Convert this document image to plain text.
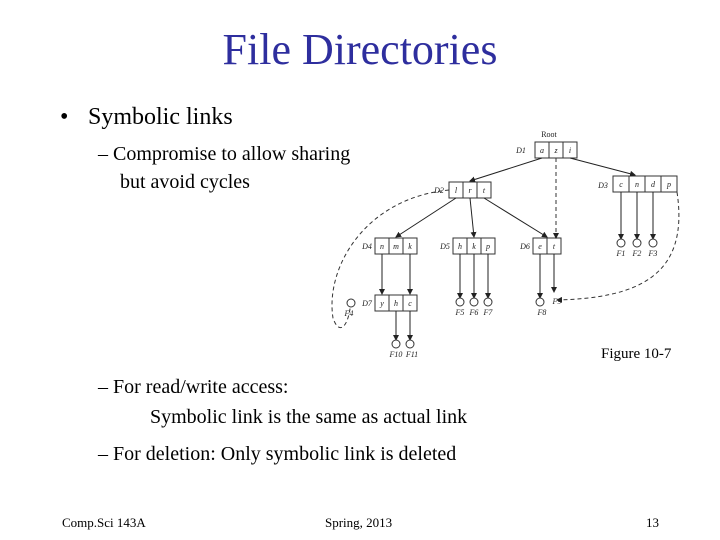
File Directories
• Symbolic links
– Compromise to allow sharing
but avoid cycles
Root
D1
D2
D3
D4	D5	D6
D7
a z i
l r t
c n d p
n m k	h k p	e t
y h c
F1 F2 F3
F4	F5 F6 F7	F8
F9
F10 F11	Figure 10-7
– For read/write access:
Symbolic link is the same as actual link
– For deletion: Only symbolic link is deleted
Comp.Sci 143A	Spring, 2013	13
